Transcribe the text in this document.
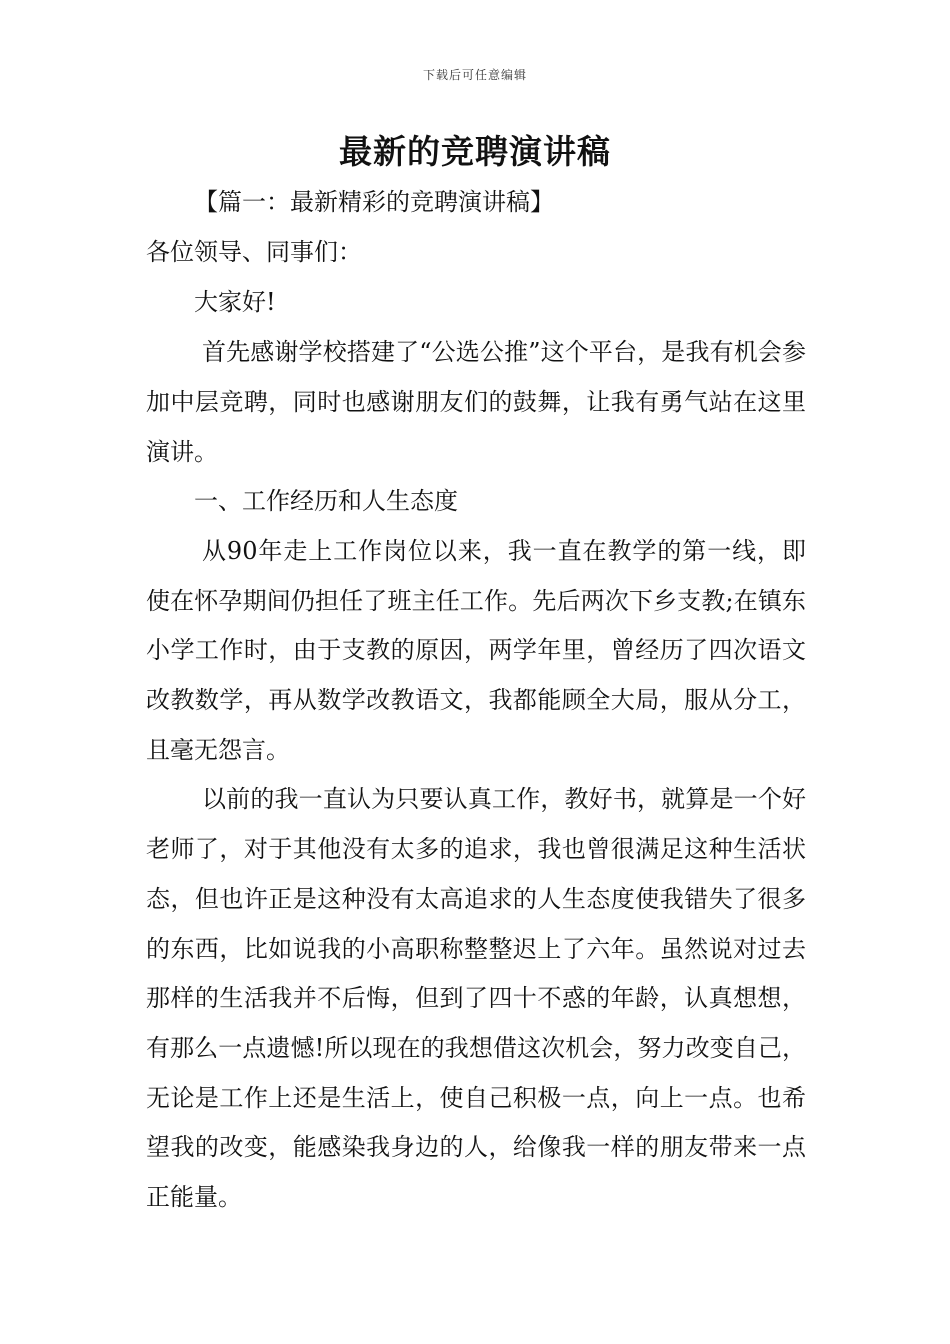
下载后可任意编辑
最新的竞聘演讲稿

【篇一：最新精彩的竞聘演讲稿】

各位领导、同事们：

大家好!

首先感谢学校搭建了“公选公推”这个平台，是我有机会参加中层竞聘，同时也感谢朋友们的鼓舞，让我有勇气站在这里演讲。

一、工作经历和人生态度

从90年走上工作岗位以来，我一直在教学的第一线，即使在怀孕期间仍担任了班主任工作。先后两次下乡支教;在镇东小学工作时，由于支教的原因，两学年里，曾经历了四次语文改教数学，再从数学改教语文，我都能顾全大局，服从分工，且毫无怨言。

以前的我一直认为只要认真工作，教好书，就算是一个好老师了，对于其他没有太多的追求，我也曾很满足这种生活状态，但也许正是这种没有太高追求的人生态度使我错失了很多的东西，比如说我的小高职称整整迟上了六年。虽然说对过去那样的生活我并不后悔，但到了四十不惑的年龄，认真想想，有那么一点遗憾!所以现在的我想借这次机会，努力改变自己，无论是工作上还是生活上，使自己积极一点，向上一点。也希望我的改变，能感染我身边的人，给像我一样的朋友带来一点正能量。
